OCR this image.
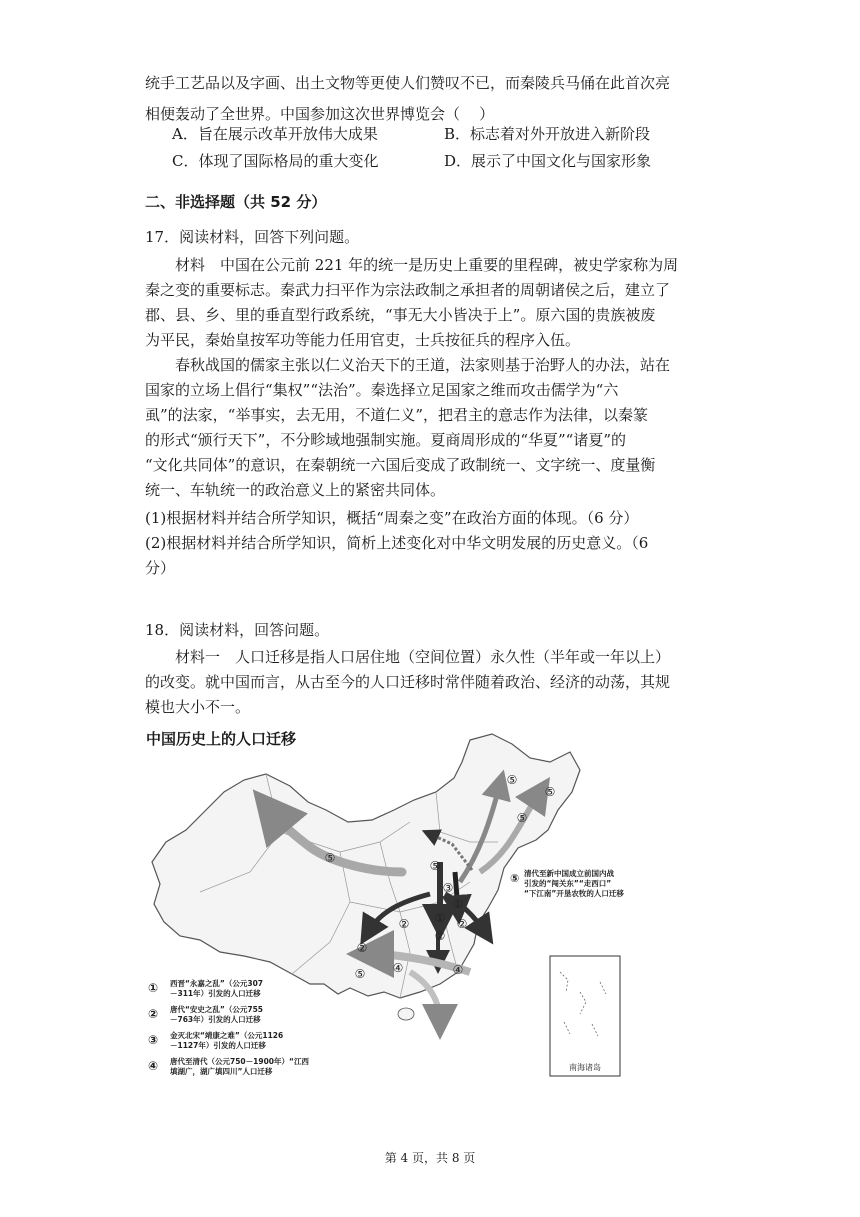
统手工艺品以及字画、出土文物等更使人们赞叹不已，而秦陵兵马俑在此首次亮

相便轰动了全世界。中国参加这次世界博览会（    ）

A．旨在展示改革开放伟大成果	B．标志着对外开放进入新阶段
C．体现了国际格局的重大变化	D．展示了中国文化与国家形象
二、非选择题（共 52 分）

17．阅读材料，回答下列问题。

　　材料　中国在公元前 221 年的统一是历史上重要的里程碑，被史学家称为周

秦之变的重要标志。秦武力扫平作为宗法政制之承担者的周朝诸侯之后，建立了

郡、县、乡、里的垂直型行政系统，“事无大小皆决于上”。原六国的贵族被废

为平民，秦始皇按军功等能力任用官吏，士兵按征兵的程序入伍。

　　春秋战国的儒家主张以仁义治天下的王道，法家则基于治野人的办法，站在

国家的立场上倡行“集权”“法治”。秦选择立足国家之维而攻击儒学为“六

虱”的法家，“举事实，去无用，不道仁义”，把君主的意志作为法律，以秦篆

的形式“颁行天下”，不分畛域地强制实施。夏商周形成的“华夏”“诸夏”的

“文化共同体”的意识，在秦朝统一六国后变成了政制统一、文字统一、度量衡

统一、车轨统一的政治意义上的紧密共同体。

(1)根据材料并结合所学知识，概括“周秦之变”在政治方面的体现。（6 分）

(2)根据材料并结合所学知识，简析上述变化对中华文明发展的历史意义。（6

分）

18．阅读材料，回答问题。

　　材料一　人口迁移是指人口居住地（空间位置）永久性（半年或一年以上）

的改变。就中国而言，从古至今的人口迁移时常伴随着政治、经济的动荡，其规

模也大小不一。

⑤
⑤
⑤
⑤
⑤
③
①
①
②
②
②
②
④	④
⑤
⑤ 清代至新中国成立前国内战
引发的“闯关东”“走西口”
“下江南”开垦农牧的人口迁移
① 西晋“永嘉之乱”（公元307
－311年）引发的人口迁移
② 唐代“安史之乱”（公元755
－763年）引发的人口迁移
③ 金灭北宋“靖康之难”（公元1126
－1127年）引发的人口迁移
④ 唐代至清代（公元750－1900年）“江西
填湖广，湖广填四川”人口迁移	南海诸岛
中国历史上的人口迁移
第 4 页，共 8 页
